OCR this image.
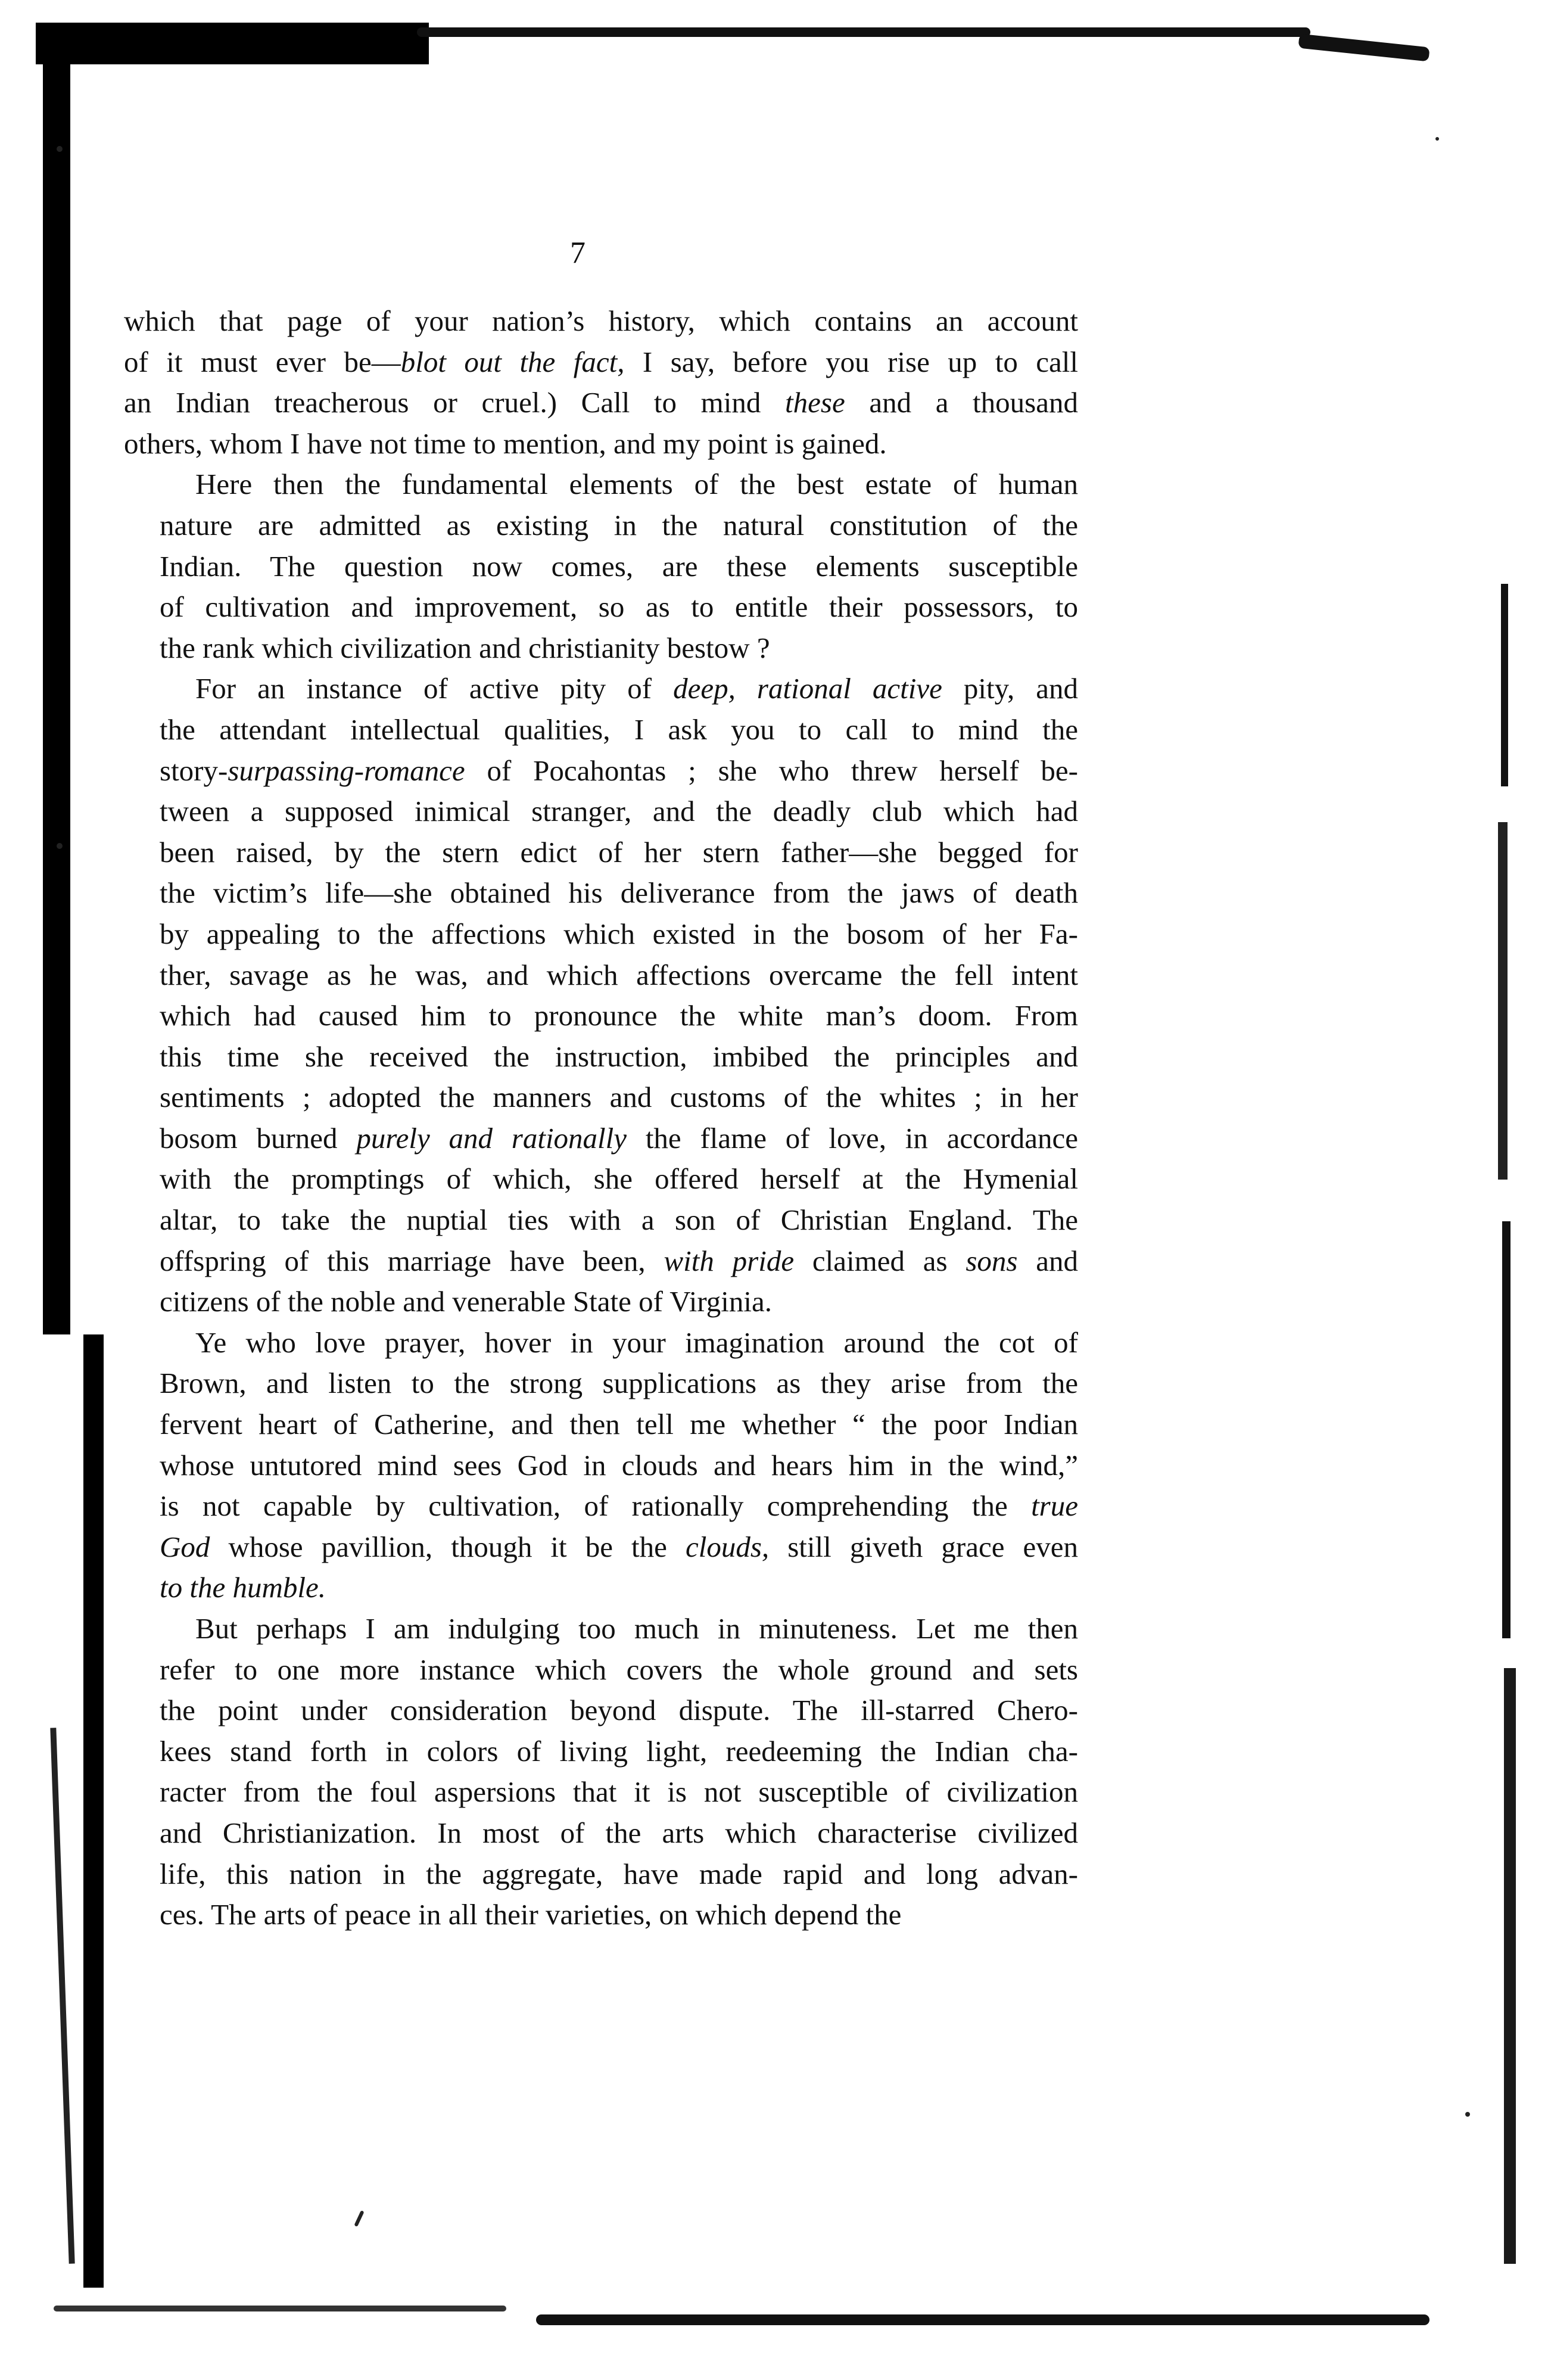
7
which that page of your nation’s history, which contains an account
of it must ever be—blot out the fact, I say, before you rise up to call
an Indian treacherous or cruel.) Call to mind these and a thousand
others, whom I have not time to mention, and my point is gained.
Here then the fundamental elements of the best estate of human
nature are admitted as existing in the natural constitution of the
Indian. The question now comes, are these elements susceptible
of cultivation and improvement, so as to entitle their possessors, to
the rank which civilization and christianity bestow ?
For an instance of active pity of deep, rational active pity, and
the attendant intellectual qualities, I ask you to call to mind the
story-surpassing-romance of Pocahontas ; she who threw herself be-
tween a supposed inimical stranger, and the deadly club which had
been raised, by the stern edict of her stern father—she begged for
the victim’s life—she obtained his deliverance from the jaws of death
by appealing to the affections which existed in the bosom of her Fa-
ther, savage as he was, and which affections overcame the fell intent
which had caused him to pronounce the white man’s doom. From
this time she received the instruction, imbibed the principles and
sentiments ; adopted the manners and customs of the whites ; in her
bosom burned purely and rationally the flame of love, in accordance
with the promptings of which, she offered herself at the Hymenial
altar, to take the nuptial ties with a son of Christian England. The
offspring of this marriage have been, with pride claimed as sons and
citizens of the noble and venerable State of Virginia.
Ye who love prayer, hover in your imagination around the cot of
Brown, and listen to the strong supplications as they arise from the
fervent heart of Catherine, and then tell me whether “ the poor Indian
whose untutored mind sees God in clouds and hears him in the wind,”
is not capable by cultivation, of rationally comprehending the true
God whose pavillion, though it be the clouds, still giveth grace even
to the humble.
But perhaps I am indulging too much in minuteness. Let me then
refer to one more instance which covers the whole ground and sets
the point under consideration beyond dispute. The ill-starred Chero-
kees stand forth in colors of living light, reedeeming the Indian cha-
racter from the foul aspersions that it is not susceptible of civilization
and Christianization. In most of the arts which characterise civilized
life, this nation in the aggregate, have made rapid and long advan-
ces. The arts of peace in all their varieties, on which depend the
